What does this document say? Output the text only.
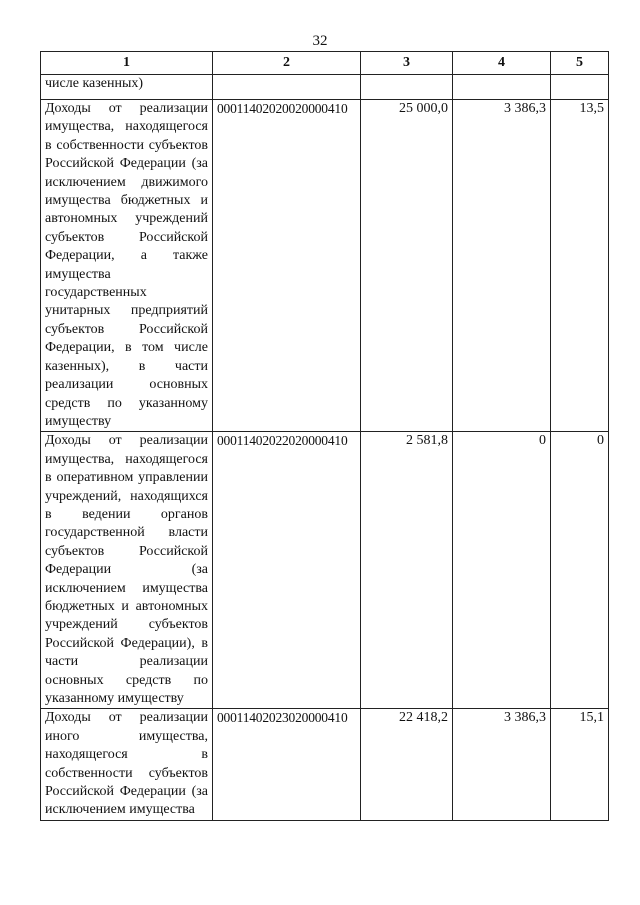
32
1	2	3	4	5
числе казенных)				
Доходы от реализации имущества, находящегося в собственности субъектов Российской Федерации (за исключением движимого имущества бюджетных и автономных учреждений субъектов Российской Федерации, а также имущества государственных унитарных предприятий субъектов Российской Федерации, в том числе казенных), в части реализации основных средств по указанному имуществу	00011402020020000410	25 000,0	3 386,3	13,5
Доходы от реализации имущества, находящегося в оперативном управлении учреждений, находящихся в ведении органов государственной власти субъектов Российской Федерации (за исключением имущества бюджетных и автономных учреждений субъектов Российской Федерации), в части реализации основных средств по указанному имуществу	00011402022020000410	2 581,8	0	0
Доходы от реализации иного имущества, находящегося в собственности субъектов Российской Федерации (за исключением имущества	00011402023020000410	22 418,2	3 386,3	15,1
